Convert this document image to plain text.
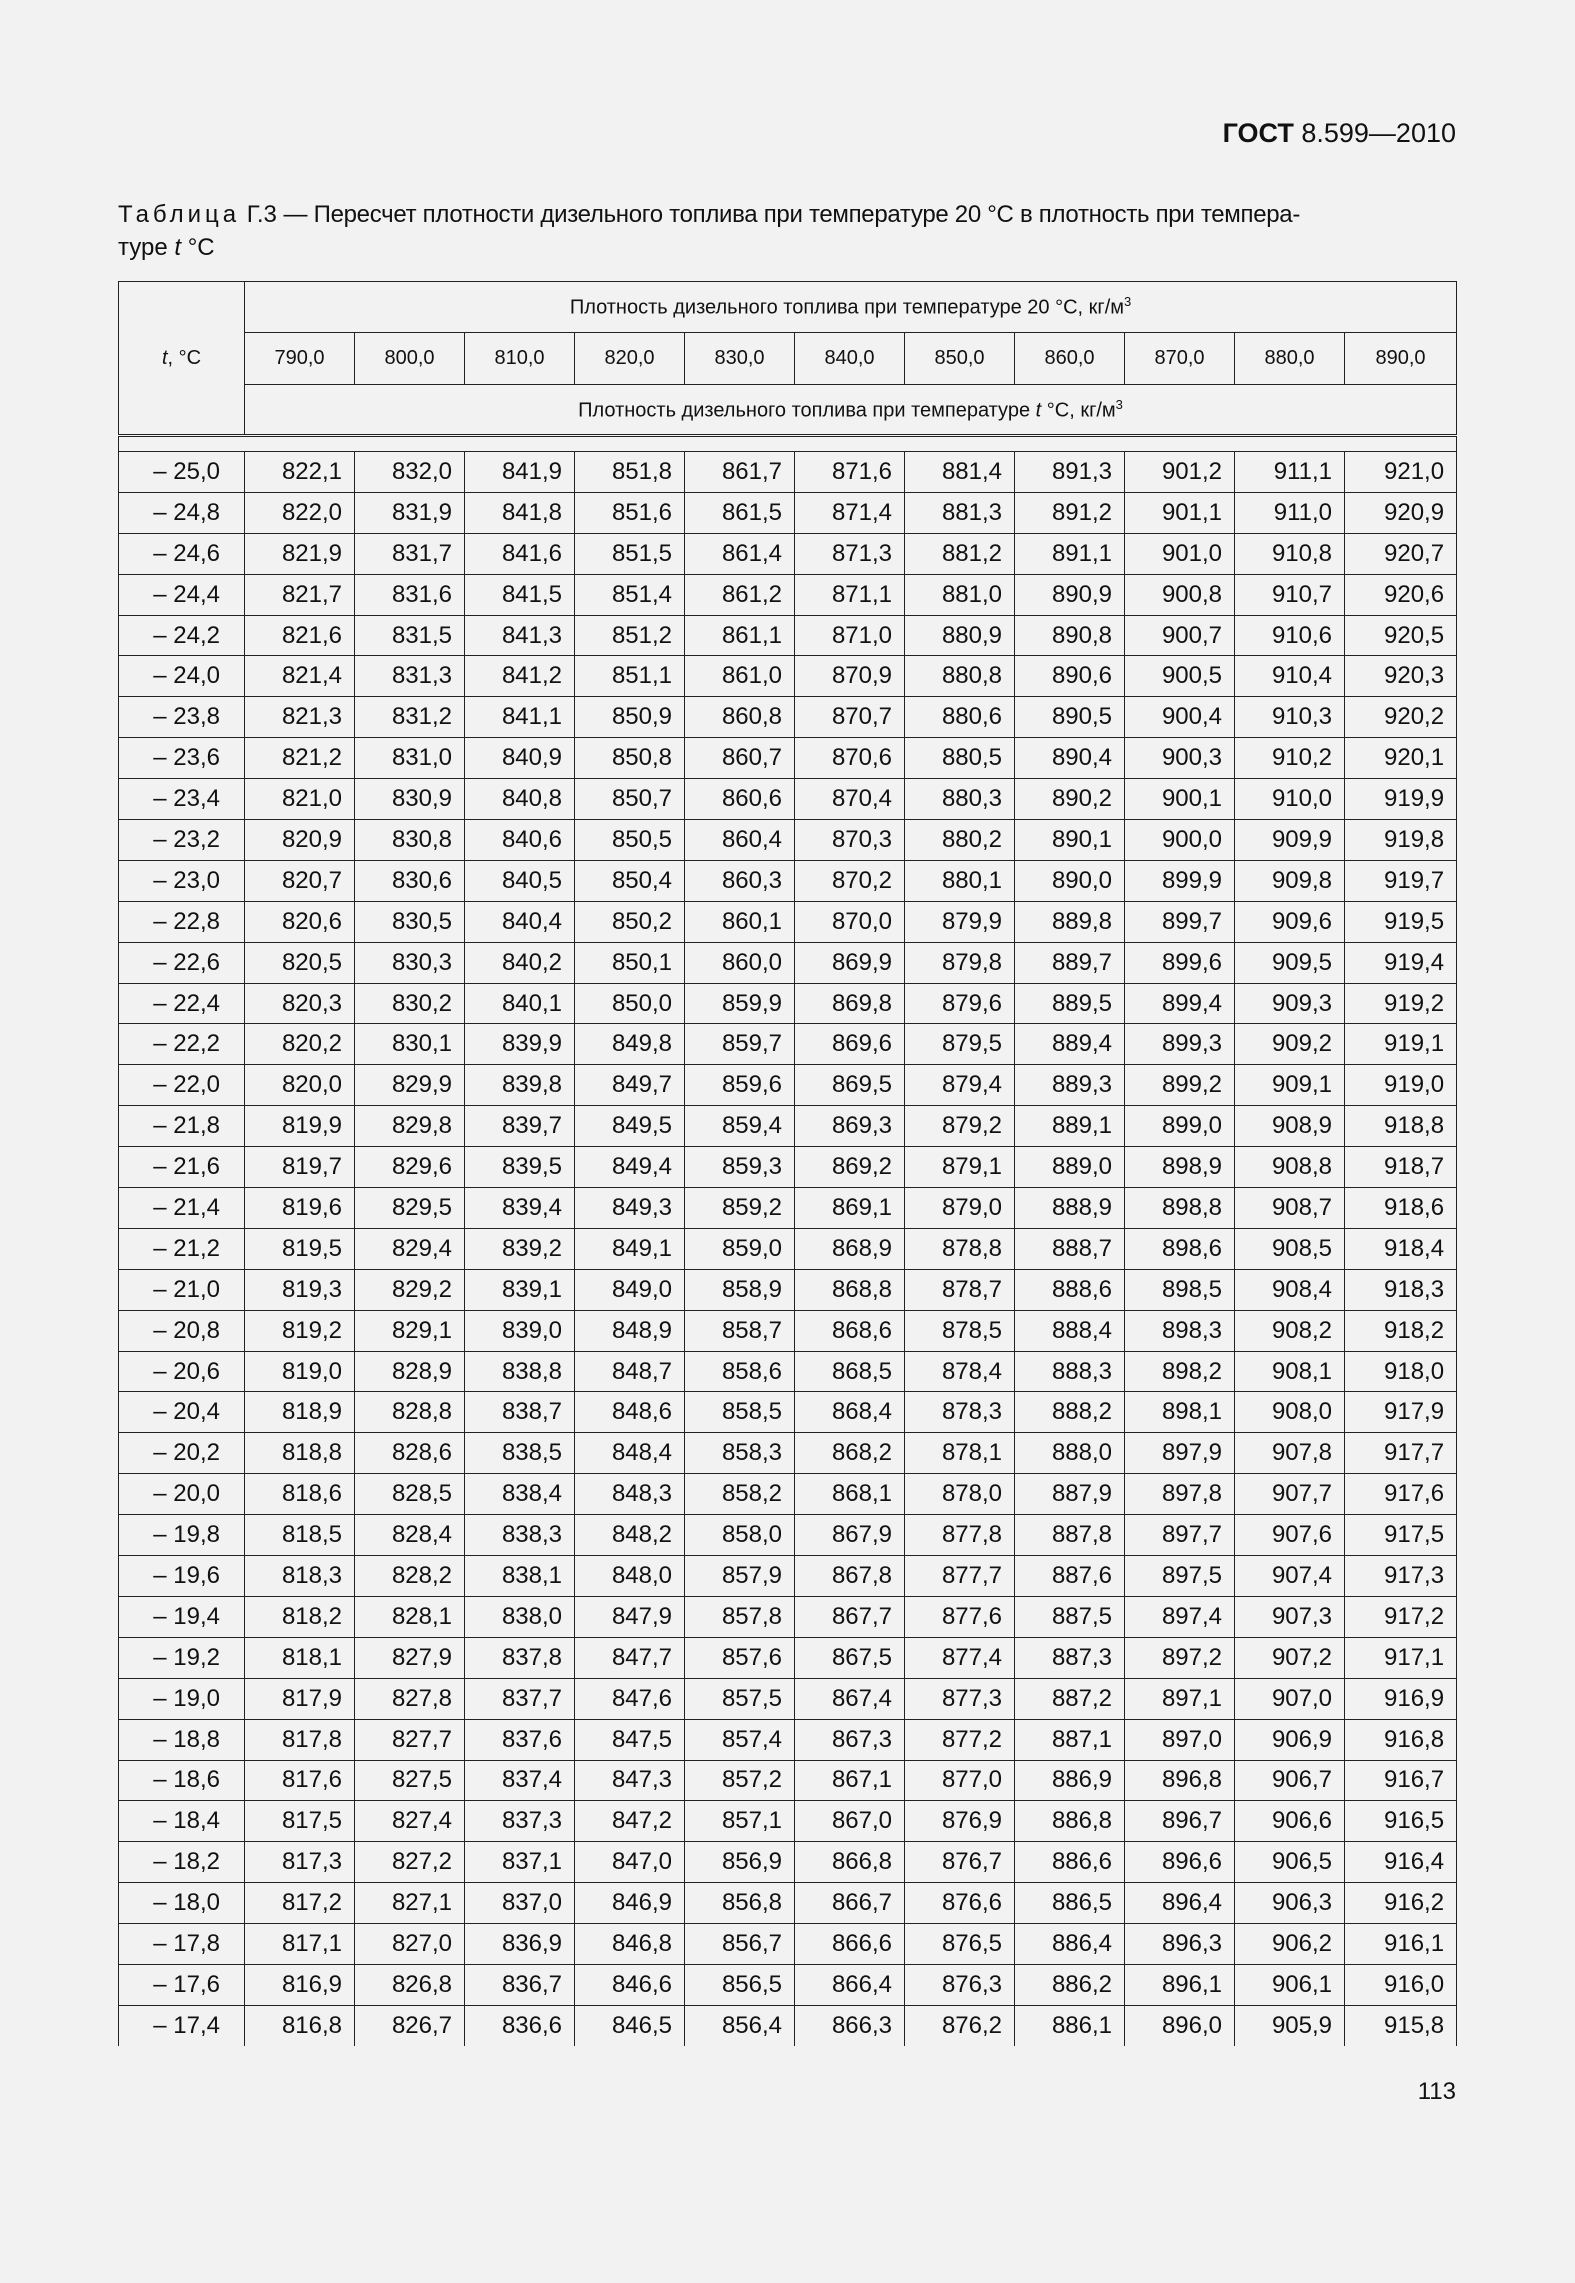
ГОСТ 8.599—2010
Таблица Г.3 — Пересчет плотности дизельного топлива при температуре 20 °С в плотность при темпера-
туре t °С
t, °С	Плотность дизельного топлива при температуре 20 °С, $кг/м^3$
	790,0	800,0	810,0	820,0	830,0	840,0	850,0	860,0	870,0	880,0	890,0
	Плотность дизельного топлива при температуре t °С, $кг/м^3$

– 25,0	822,1	832,0	841,9	851,8	861,7	871,6	881,4	891,3	901,2	911,1	921,0
– 24,8	822,0	831,9	841,8	851,6	861,5	871,4	881,3	891,2	901,1	911,0	920,9
– 24,6	821,9	831,7	841,6	851,5	861,4	871,3	881,2	891,1	901,0	910,8	920,7
– 24,4	821,7	831,6	841,5	851,4	861,2	871,1	881,0	890,9	900,8	910,7	920,6
– 24,2	821,6	831,5	841,3	851,2	861,1	871,0	880,9	890,8	900,7	910,6	920,5
– 24,0	821,4	831,3	841,2	851,1	861,0	870,9	880,8	890,6	900,5	910,4	920,3
– 23,8	821,3	831,2	841,1	850,9	860,8	870,7	880,6	890,5	900,4	910,3	920,2
– 23,6	821,2	831,0	840,9	850,8	860,7	870,6	880,5	890,4	900,3	910,2	920,1
– 23,4	821,0	830,9	840,8	850,7	860,6	870,4	880,3	890,2	900,1	910,0	919,9
– 23,2	820,9	830,8	840,6	850,5	860,4	870,3	880,2	890,1	900,0	909,9	919,8
– 23,0	820,7	830,6	840,5	850,4	860,3	870,2	880,1	890,0	899,9	909,8	919,7
– 22,8	820,6	830,5	840,4	850,2	860,1	870,0	879,9	889,8	899,7	909,6	919,5
– 22,6	820,5	830,3	840,2	850,1	860,0	869,9	879,8	889,7	899,6	909,5	919,4
– 22,4	820,3	830,2	840,1	850,0	859,9	869,8	879,6	889,5	899,4	909,3	919,2
– 22,2	820,2	830,1	839,9	849,8	859,7	869,6	879,5	889,4	899,3	909,2	919,1
– 22,0	820,0	829,9	839,8	849,7	859,6	869,5	879,4	889,3	899,2	909,1	919,0
– 21,8	819,9	829,8	839,7	849,5	859,4	869,3	879,2	889,1	899,0	908,9	918,8
– 21,6	819,7	829,6	839,5	849,4	859,3	869,2	879,1	889,0	898,9	908,8	918,7
– 21,4	819,6	829,5	839,4	849,3	859,2	869,1	879,0	888,9	898,8	908,7	918,6
– 21,2	819,5	829,4	839,2	849,1	859,0	868,9	878,8	888,7	898,6	908,5	918,4
– 21,0	819,3	829,2	839,1	849,0	858,9	868,8	878,7	888,6	898,5	908,4	918,3
– 20,8	819,2	829,1	839,0	848,9	858,7	868,6	878,5	888,4	898,3	908,2	918,2
– 20,6	819,0	828,9	838,8	848,7	858,6	868,5	878,4	888,3	898,2	908,1	918,0
– 20,4	818,9	828,8	838,7	848,6	858,5	868,4	878,3	888,2	898,1	908,0	917,9
– 20,2	818,8	828,6	838,5	848,4	858,3	868,2	878,1	888,0	897,9	907,8	917,7
– 20,0	818,6	828,5	838,4	848,3	858,2	868,1	878,0	887,9	897,8	907,7	917,6
– 19,8	818,5	828,4	838,3	848,2	858,0	867,9	877,8	887,8	897,7	907,6	917,5
– 19,6	818,3	828,2	838,1	848,0	857,9	867,8	877,7	887,6	897,5	907,4	917,3
– 19,4	818,2	828,1	838,0	847,9	857,8	867,7	877,6	887,5	897,4	907,3	917,2
– 19,2	818,1	827,9	837,8	847,7	857,6	867,5	877,4	887,3	897,2	907,2	917,1
– 19,0	817,9	827,8	837,7	847,6	857,5	867,4	877,3	887,2	897,1	907,0	916,9
– 18,8	817,8	827,7	837,6	847,5	857,4	867,3	877,2	887,1	897,0	906,9	916,8
– 18,6	817,6	827,5	837,4	847,3	857,2	867,1	877,0	886,9	896,8	906,7	916,7
– 18,4	817,5	827,4	837,3	847,2	857,1	867,0	876,9	886,8	896,7	906,6	916,5
– 18,2	817,3	827,2	837,1	847,0	856,9	866,8	876,7	886,6	896,6	906,5	916,4
– 18,0	817,2	827,1	837,0	846,9	856,8	866,7	876,6	886,5	896,4	906,3	916,2
– 17,8	817,1	827,0	836,9	846,8	856,7	866,6	876,5	886,4	896,3	906,2	916,1
– 17,6	816,9	826,8	836,7	846,6	856,5	866,4	876,3	886,2	896,1	906,1	916,0
– 17,4	816,8	826,7	836,6	846,5	856,4	866,3	876,2	886,1	896,0	905,9	915,8
113
